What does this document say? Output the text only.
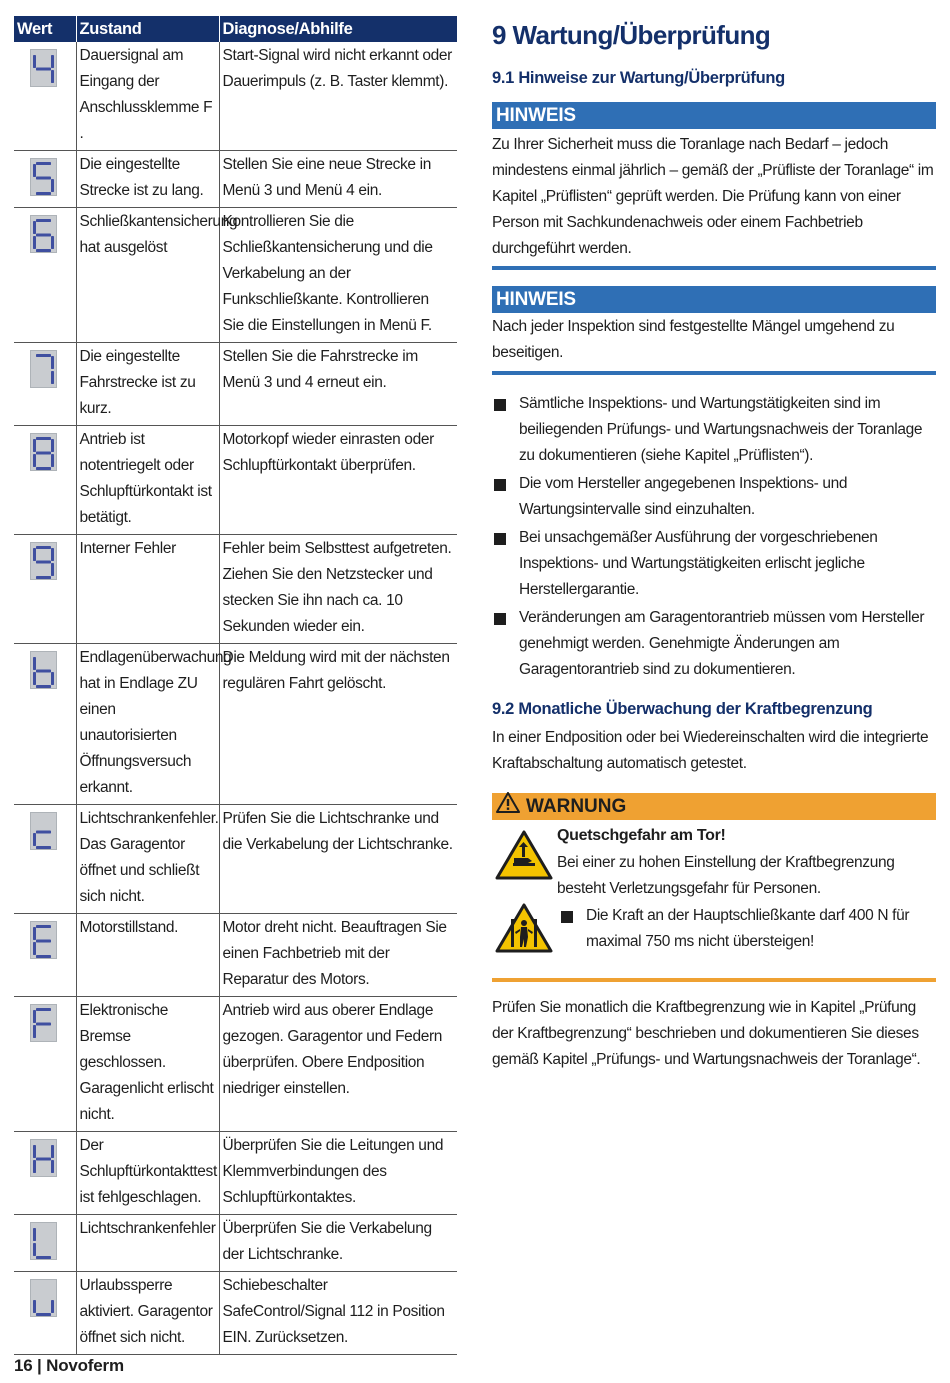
Wert	Zustand	Diagnose/Abhilfe

	Dauersignal am Eingang der Anschlussklemme F .	Start-Signal wird nicht erkannt oder Dauerimpuls (z. B. Taster klemmt).

	Die eingestellte Strecke ist zu lang.	Stellen Sie eine neue Strecke in Menü 3 und Menü 4 ein.

	Schließkantensicherung hat ausgelöst	Kontrollieren Sie die Schließkantensicherung und die Verkabelung an der Funkschließkante. Kontrollieren Sie die Einstellungen in Menü F.

	Die eingestellte Fahrstrecke ist zu kurz.	Stellen Sie die Fahrstrecke im Menü 3 und 4 erneut ein.

	Antrieb ist notentriegelt oder Schlupftürkontakt ist betätigt.	Motorkopf wieder einrasten oder Schlupftürkontakt überprüfen.

	Interner Fehler	Fehler beim Selbsttest aufgetreten. Ziehen Sie den Netzstecker und stecken Sie ihn nach ca. 10 Sekunden wieder ein.

	Endlagenüberwachung hat in Endlage ZU einen unautorisierten Öffnungsversuch erkannt.	Die Meldung wird mit der nächsten regulären Fahrt gelöscht.

	Lichtschrankenfehler. Das Garagentor öffnet und schließt sich nicht.	Prüfen Sie die Lichtschranke und die Verkabelung der Lichtschranke.

	Motorstillstand.	Motor dreht nicht. Beauftragen Sie einen Fachbetrieb mit der Reparatur des Motors.

	Elektronische Bremse geschlossen. Garagenlicht erlischt nicht.	Antrieb wird aus oberer Endlage gezogen. Garagentor und Federn überprüfen. Obere Endposition niedriger einstellen.

	Der Schlupftürkontakttest ist fehlgeschlagen.	Überprüfen Sie die Leitungen und Klemmverbindungen des Schlupftürkontaktes.

	Lichtschrankenfehler	Überprüfen Sie die Verkabelung der Lichtschranke.

	Urlaubssperre aktiviert. Garagentor öffnet sich nicht.	Schiebeschalter SafeControl/Signal 112 in Position EIN. Zurücksetzen.
9 Wartung/Überprüfung
9.1 Hinweise zur Wartung/Überprüfung
HINWEIS
Zu Ihrer Sicherheit muss die Toranlage nach Bedarf – jedoch mindestens einmal jährlich – gemäß der „Prüfliste der Toranlage“ im Kapitel „Prüflisten“ geprüft werden. Die Prüfung kann von einer Person mit Sachkundenachweis oder einem Fachbetrieb durchgeführt werden.
HINWEIS
Nach jeder Inspektion sind festgestellte Mängel umgehend zu beseitigen.
Sämtliche Inspektions- und Wartungstätigkeiten sind im beiliegenden Prüfungs- und Wartungsnachweis der Toranlage zu dokumentieren (siehe Kapitel „Prüflisten“).
Die vom Hersteller angegebenen Inspektions- und Wartungsintervalle sind einzuhalten.
Bei unsachgemäßer Ausführung der vorgeschriebenen Inspektions- und Wartungstätigkeiten erlischt jegliche Herstellergarantie.
Veränderungen am Garagentorantrieb müssen vom Hersteller genehmigt werden. Genehmigte Änderungen am Garagentorantrieb sind zu dokumentieren.
9.2 Monatliche Überwachung der Kraftbegrenzung
In einer Endposition oder bei Wiedereinschalten wird die integrierte Kraftabschaltung automatisch getestet.
WARNUNG
Quetschgefahr am Tor!
Bei einer zu hohen Einstellung der Kraftbegrenzung besteht Verletzungsgefahr für Personen.
Die Kraft an der Hauptschließkante darf 400 N für maximal 750 ms nicht übersteigen!
Prüfen Sie monatlich die Kraftbegrenzung wie in Kapitel „Prüfung der Kraftbegrenzung“ beschrieben und dokumentieren Sie dieses gemäß Kapitel „Prüfungs- und Wartungsnachweis der Toranlage“.
16 | Novoferm
